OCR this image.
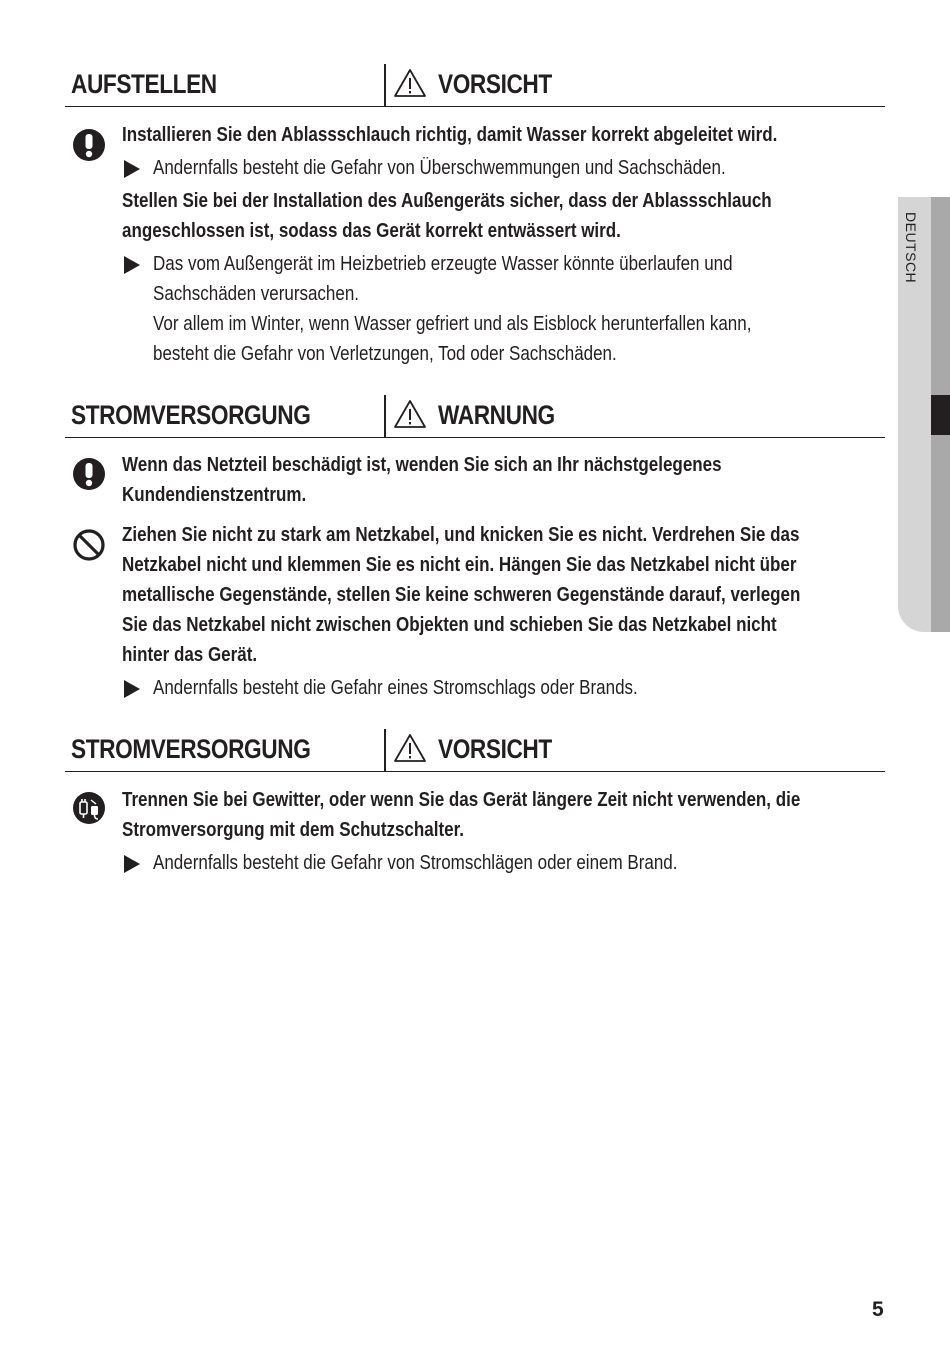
DEUTSCH
AUFSTELLEN	VORSICHT
Installieren Sie den Ablassschlauch richtig, damit Wasser korrekt abgeleitet wird.
Andernfalls besteht die Gefahr von Überschwemmungen und Sachschäden.
Stellen Sie bei der Installation des Außengeräts sicher, dass der Ablassschlauch
angeschlossen ist, sodass das Gerät korrekt entwässert wird.
Das vom Außengerät im Heizbetrieb erzeugte Wasser könnte überlaufen und
Sachschäden verursachen.
Vor allem im Winter, wenn Wasser gefriert und als Eisblock herunterfallen kann,
besteht die Gefahr von Verletzungen, Tod oder Sachschäden.
STROMVERSORGUNG	WARNUNG
Wenn das Netzteil beschädigt ist, wenden Sie sich an Ihr nächstgelegenes
Kundendienstzentrum.
Ziehen Sie nicht zu stark am Netzkabel, und knicken Sie es nicht. Verdrehen Sie das
Netzkabel nicht und klemmen Sie es nicht ein. Hängen Sie das Netzkabel nicht über
metallische Gegenstände, stellen Sie keine schweren Gegenstände darauf, verlegen
Sie das Netzkabel nicht zwischen Objekten und schieben Sie das Netzkabel nicht
hinter das Gerät.
Andernfalls besteht die Gefahr eines Stromschlags oder Brands.
STROMVERSORGUNG	VORSICHT
Trennen Sie bei Gewitter, oder wenn Sie das Gerät längere Zeit nicht verwenden, die
Stromversorgung mit dem Schutzschalter.
Andernfalls besteht die Gefahr von Stromschlägen oder einem Brand.
5
